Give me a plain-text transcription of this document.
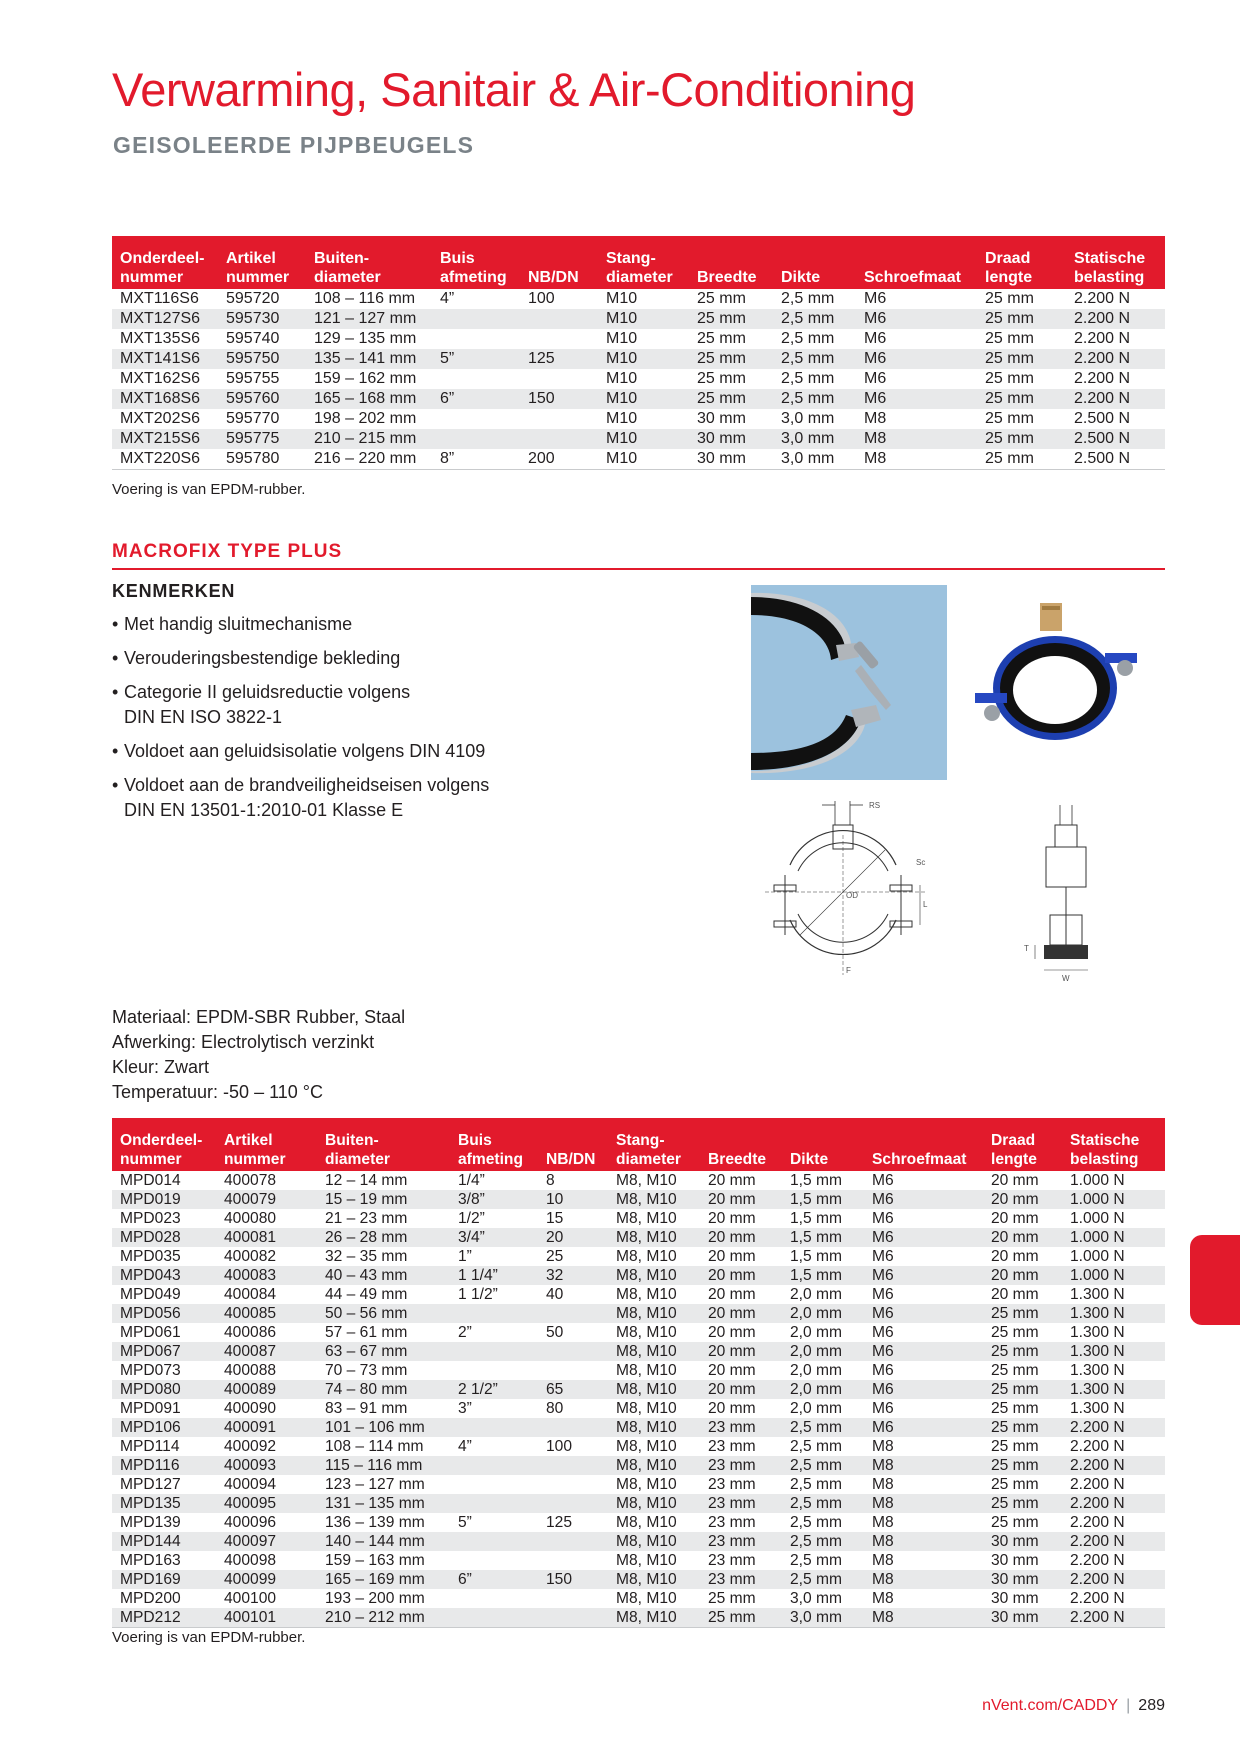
Verwarming, Sanitair & Air-Conditioning
GEISOLEERDE PIJPBEUGELS
Onderdeel-	Artikel	Buiten-	Buis		Stang-				Draad	Statische
nummer	nummer	diameter	afmeting	NB/DN	diameter	Breedte	Dikte	Schroefmaat	lengte	belasting
MXT116S6	595720	108 – 116 mm	4”	100	M10	25 mm	2,5 mm	M6	25 mm	2.200 N
MXT127S6	595730	121 – 127 mm			M10	25 mm	2,5 mm	M6	25 mm	2.200 N
MXT135S6	595740	129 – 135 mm			M10	25 mm	2,5 mm	M6	25 mm	2.200 N
MXT141S6	595750	135 – 141 mm	5”	125	M10	25 mm	2,5 mm	M6	25 mm	2.200 N
MXT162S6	595755	159 – 162 mm			M10	25 mm	2,5 mm	M6	25 mm	2.200 N
MXT168S6	595760	165 – 168 mm	6”	150	M10	25 mm	2,5 mm	M6	25 mm	2.200 N
MXT202S6	595770	198 – 202 mm			M10	30 mm	3,0 mm	M8	25 mm	2.500 N
MXT215S6	595775	210 – 215 mm			M10	30 mm	3,0 mm	M8	25 mm	2.500 N
MXT220S6	595780	216 – 220 mm	8”	200	M10	30 mm	3,0 mm	M8	25 mm	2.500 N

Voering is van EPDM-rubber.

MACROFIX TYPE PLUS
KENMERKEN
• Met handig sluitmechanisme
• Verouderingsbestendige bekleding
• Categorie II geluidsreductie volgens
DIN EN ISO 3822-1
• Voldoet aan geluidsisolatie volgens DIN 4109
• Voldoet aan de brandveiligheidseisen volgens
DIN EN 13501-1:2010-01 Klasse E	RS
OD
Sc
L
F
T
W
Materiaal: EPDM-SBR Rubber, Staal
Afwerking: Electrolytisch verzinkt
Kleur: Zwart
Temperatuur: -50 – 110 °C
Onderdeel-	Artikel	Buiten-	Buis		Stang-				Draad	Statische
nummer	nummer	diameter	afmeting	NB/DN	diameter	Breedte	Dikte	Schroefmaat	lengte	belasting
MPD014	400078	12 – 14 mm	1/4”	8	M8, M10	20 mm	1,5 mm	M6	20 mm	1.000 N
MPD019	400079	15 – 19 mm	3/8”	10	M8, M10	20 mm	1,5 mm	M6	20 mm	1.000 N
MPD023	400080	21 – 23 mm	1/2”	15	M8, M10	20 mm	1,5 mm	M6	20 mm	1.000 N
MPD028	400081	26 – 28 mm	3/4”	20	M8, M10	20 mm	1,5 mm	M6	20 mm	1.000 N
MPD035	400082	32 – 35 mm	1”	25	M8, M10	20 mm	1,5 mm	M6	20 mm	1.000 N
MPD043	400083	40 – 43 mm	1 1/4”	32	M8, M10	20 mm	1,5 mm	M6	20 mm	1.000 N
MPD049	400084	44 – 49 mm	1 1/2”	40	M8, M10	20 mm	2,0 mm	M6	20 mm	1.300 N
MPD056	400085	50 – 56 mm			M8, M10	20 mm	2,0 mm	M6	25 mm	1.300 N
MPD061	400086	57 – 61 mm	2”	50	M8, M10	20 mm	2,0 mm	M6	25 mm	1.300 N
MPD067	400087	63 – 67 mm			M8, M10	20 mm	2,0 mm	M6	25 mm	1.300 N
MPD073	400088	70 – 73 mm			M8, M10	20 mm	2,0 mm	M6	25 mm	1.300 N
MPD080	400089	74 – 80 mm	2 1/2”	65	M8, M10	20 mm	2,0 mm	M6	25 mm	1.300 N
MPD091	400090	83 – 91 mm	3”	80	M8, M10	20 mm	2,0 mm	M6	25 mm	1.300 N
MPD106	400091	101 – 106 mm			M8, M10	23 mm	2,5 mm	M6	25 mm	2.200 N
MPD114	400092	108 – 114 mm	4”	100	M8, M10	23 mm	2,5 mm	M8	25 mm	2.200 N
MPD116	400093	115 – 116 mm			M8, M10	23 mm	2,5 mm	M8	25 mm	2.200 N
MPD127	400094	123 – 127 mm			M8, M10	23 mm	2,5 mm	M8	25 mm	2.200 N
MPD135	400095	131 – 135 mm			M8, M10	23 mm	2,5 mm	M8	25 mm	2.200 N
MPD139	400096	136 – 139 mm	5”	125	M8, M10	23 mm	2,5 mm	M8	25 mm	2.200 N
MPD144	400097	140 – 144 mm			M8, M10	23 mm	2,5 mm	M8	30 mm	2.200 N
MPD163	400098	159 – 163 mm			M8, M10	23 mm	2,5 mm	M8	30 mm	2.200 N
MPD169	400099	165 – 169 mm	6”	150	M8, M10	23 mm	2,5 mm	M8	30 mm	2.200 N
MPD200	400100	193 – 200 mm			M8, M10	25 mm	3,0 mm	M8	30 mm	2.200 N
MPD212	400101	210 – 212 mm			M8, M10	25 mm	3,0 mm	M8	30 mm	2.200 N

Voering is van EPDM-rubber.

nVent.com/CADDY | 289
